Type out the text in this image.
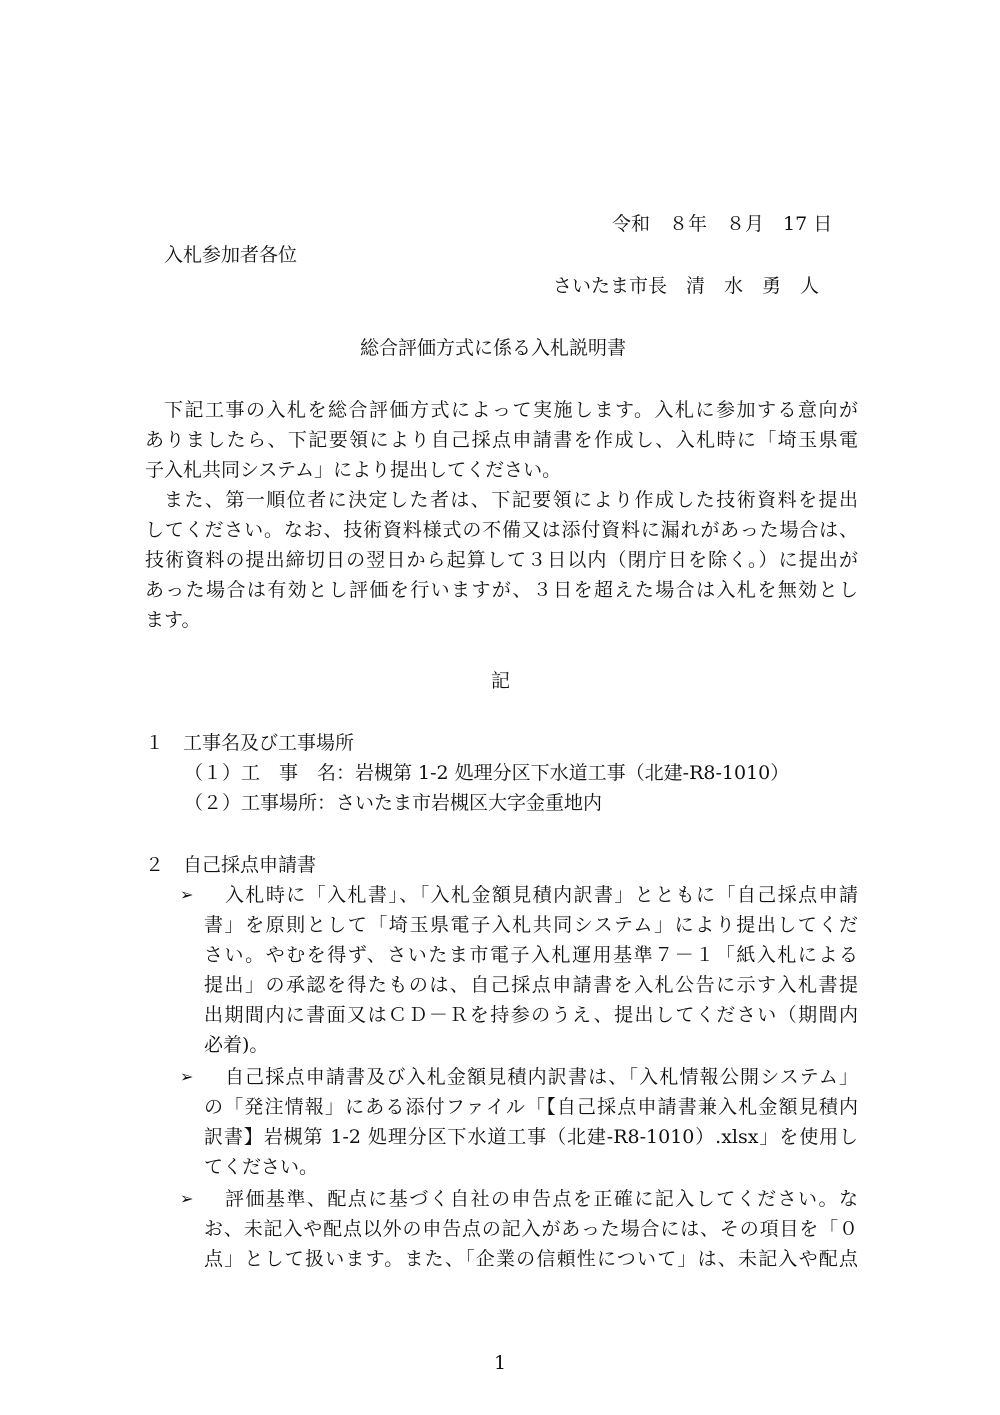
令和　８年　８月　17 日
入札参加者各位
さいたま市長　清　水　勇　人
総合評価方式に係る入札説明書
下記工事の入札を総合評価方式によって実施します。入札に参加する意向が
ありましたら、下記要領により自己採点申請書を作成し、入札時に「埼玉県電
子入札共同システム」により提出してください。
また、第一順位者に決定した者は、下記要領により作成した技術資料を提出
してください。なお、技術資料様式の不備又は添付資料に漏れがあった場合は、
技術資料の提出締切日の翌日から起算して３日以内（閉庁日を除く。）に提出が
あった場合は有効とし評価を行いますが、３日を超えた場合は入札を無効とし
ます。
記
１　工事名及び工事場所
（１）工　事　名：岩槻第 1-2 処理分区下水道工事（北建-R8-1010）
（２）工事場所：さいたま市岩槻区大字金重地内
２　自己採点申請書
➢ 入札時に「入札書」、「入札金額見積内訳書」とともに「自己採点申請
書」を原則として「埼玉県電子入札共同システム」により提出してくだ
さい。やむを得ず、さいたま市電子入札運用基準７－１「紙入札による
提出」の承認を得たものは、自己採点申請書を入札公告に示す入札書提
出期間内に書面又はＣＤ－Ｒを持参のうえ、提出してください（期間内
必着)。
➢ 自己採点申請書及び入札金額見積内訳書は、「入札情報公開システム」
の「発注情報」にある添付ファイル「【自己採点申請書兼入札金額見積内
訳書】岩槻第 1-2 処理分区下水道工事（北建-R8-1010）.xlsx」を使用し
てください。
➢ 評価基準、配点に基づく自社の申告点を正確に記入してください。な
お、未記入や配点以外の申告点の記入があった場合には、その項目を「０
点」として扱います。また、「企業の信頼性について」は、未記入や配点
1
